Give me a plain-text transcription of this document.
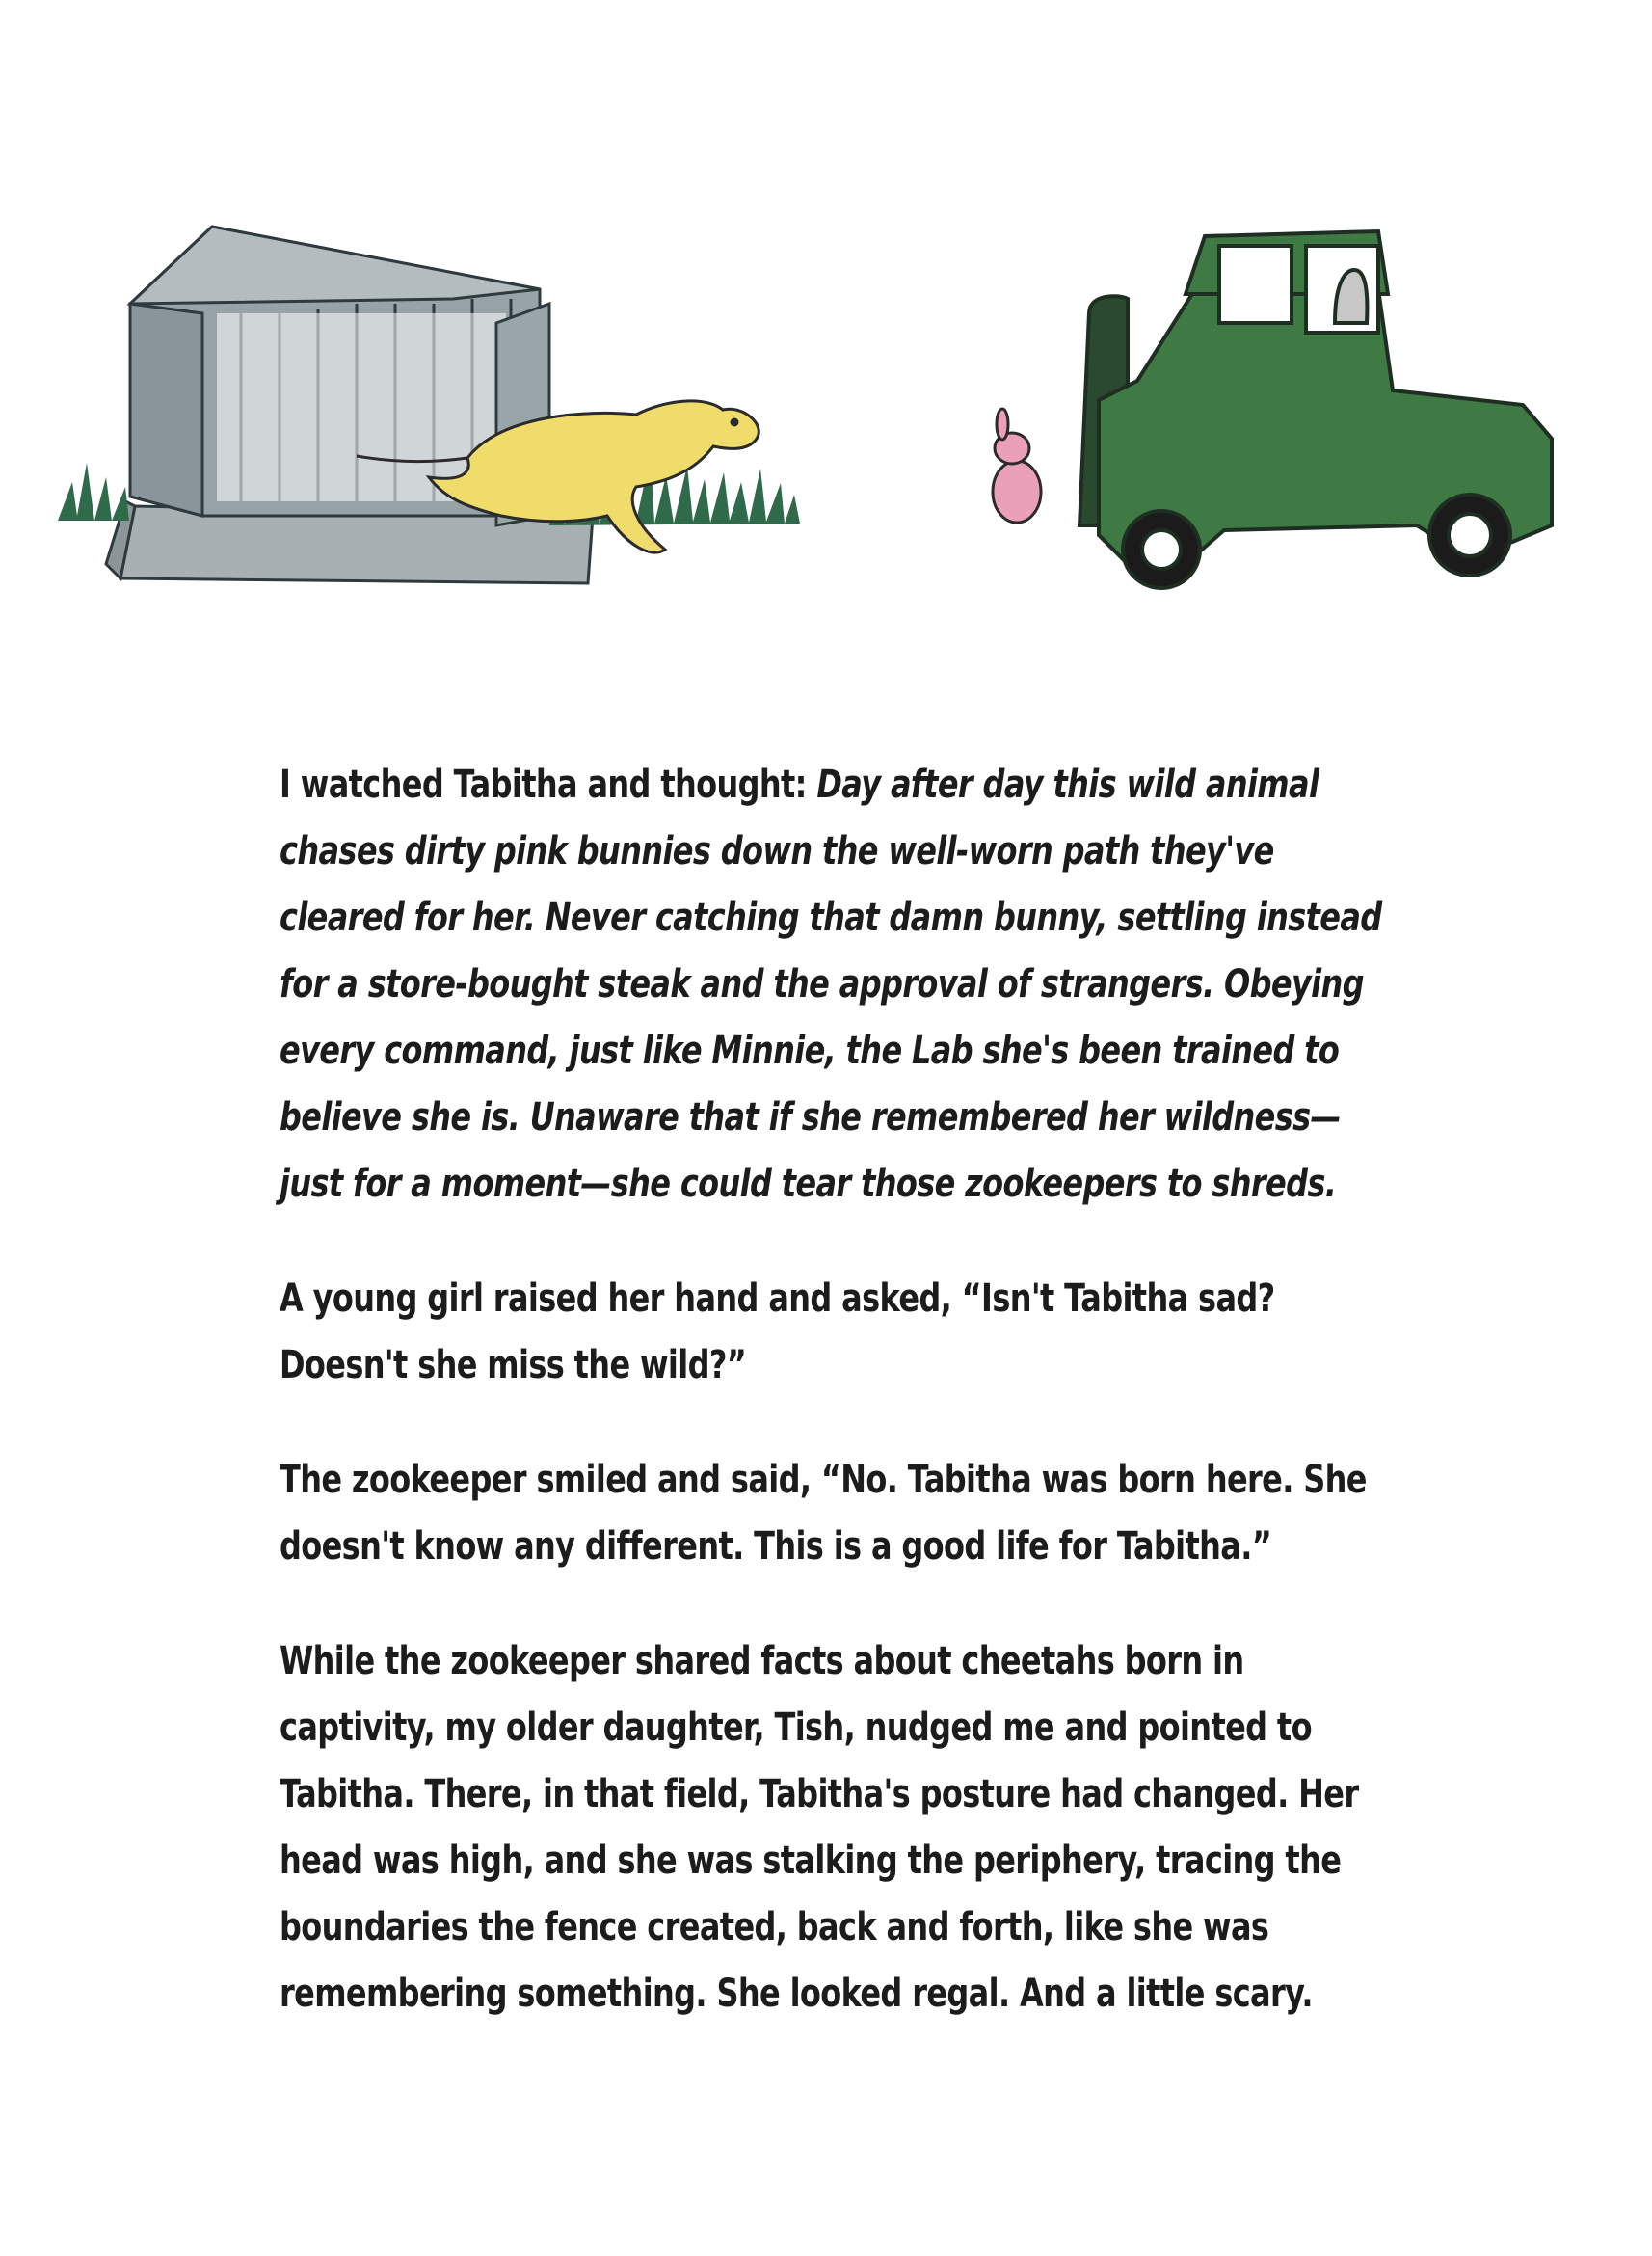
I watched Tabitha and thought: Day after day this wild animal chases dirty pink bunnies down the well-worn path they've cleared for her. Never catching that damn bunny, settling instead for a store-bought steak and the approval of strangers. Obeying every command, just like Minnie, the Lab she's been trained to believe she is. Unaware that if she remembered her wildness—just for a moment—she could tear those zookeepers to shreds.

A young girl raised her hand and asked, “Isn't Tabitha sad? Doesn't she miss the wild?”

The zookeeper smiled and said, “No. Tabitha was born here. She doesn't know any different. This is a good life for Tabitha.”

While the zookeeper shared facts about cheetahs born in captivity, my older daughter, Tish, nudged me and pointed to Tabitha. There, in that field, Tabitha's posture had changed. Her head was high, and she was stalking the periphery, tracing the boundaries the fence created, back and forth, like she was remembering something. She looked regal. And a little scary.
